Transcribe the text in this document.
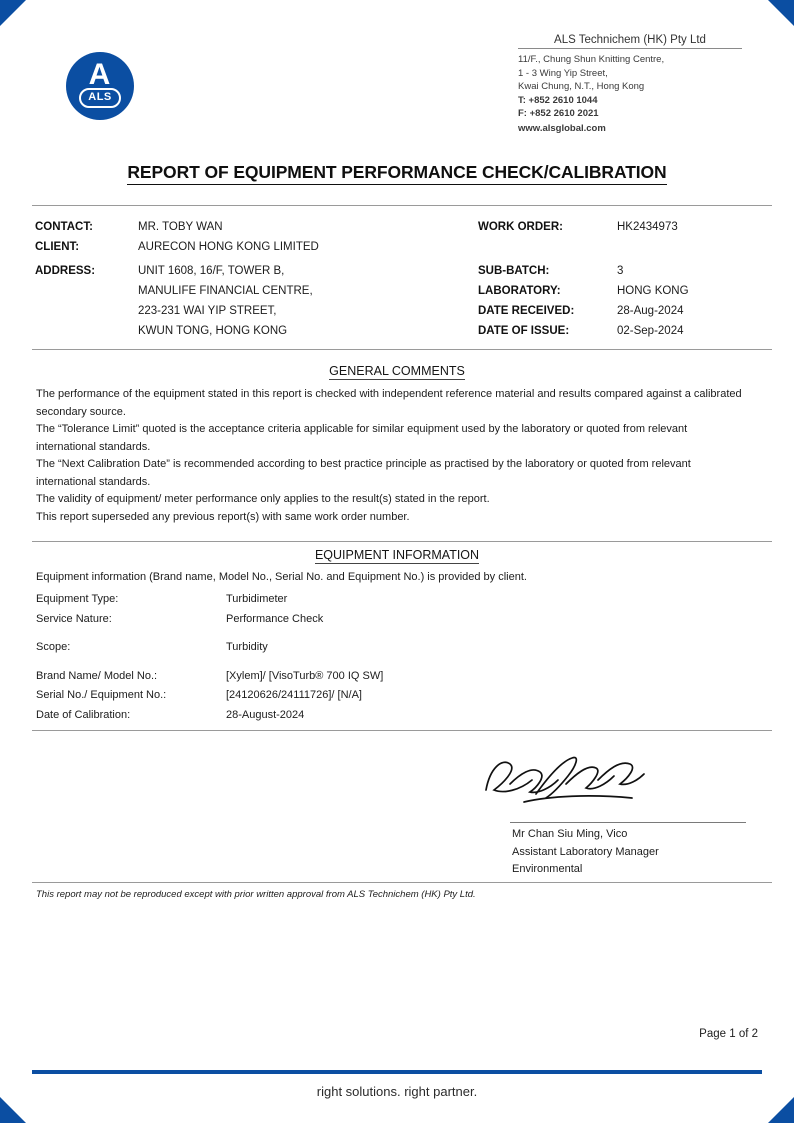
A
ALS
ALS Technichem (HK) Pty Ltd
11/F., Chung Shun Knitting Centre,
1 - 3 Wing Yip Street,
Kwai Chung, N.T., Hong Kong
T: +852 2610 1044
F: +852 2610 2021
www.alsglobal.com
REPORT OF EQUIPMENT PERFORMANCE CHECK/CALIBRATION
CONTACT:	MR. TOBY WAN
CLIENT:	AURECON HONG KONG LIMITED
ADDRESS:	UNIT 1608, 16/F, TOWER B,
MANULIFE FINANCIAL CENTRE,
223-231 WAI YIP STREET,
KWUN TONG, HONG KONG
WORK ORDER:	HK2434973
SUB-BATCH:	3
LABORATORY:	HONG KONG
DATE RECEIVED:	28-Aug-2024
DATE OF ISSUE:	02-Sep-2024
GENERAL COMMENTS

The performance of the equipment stated in this report is checked with independent reference material and results compared against a calibrated secondary source.

The “Tolerance Limit” quoted is the acceptance criteria applicable for similar equipment used by the laboratory or quoted from relevant international standards.

The “Next Calibration Date” is recommended according to best practice principle as practised by the laboratory or quoted from relevant international standards.

The validity of equipment/ meter performance only applies to the result(s) stated in the report.

This report superseded any previous report(s) with same work order number.

EQUIPMENT INFORMATION
Equipment information (Brand name, Model No., Serial No. and Equipment No.) is provided by client.
Equipment Type:	Turbidimeter
Service Nature:	Performance Check
Scope:	Turbidity
Brand Name/ Model No.:	[Xylem]/ [VisoTurb® 700 IQ SW]
Serial No./ Equipment No.:	[24120626/24111726]/ [N/A]
Date of Calibration:	28-August-2024
Mr Chan Siu Ming, Vico
Assistant Laboratory Manager
Environmental
This report may not be reproduced except with prior written approval from ALS Technichem (HK) Pty Ltd.
Page 1 of 2
right solutions. right partner.
